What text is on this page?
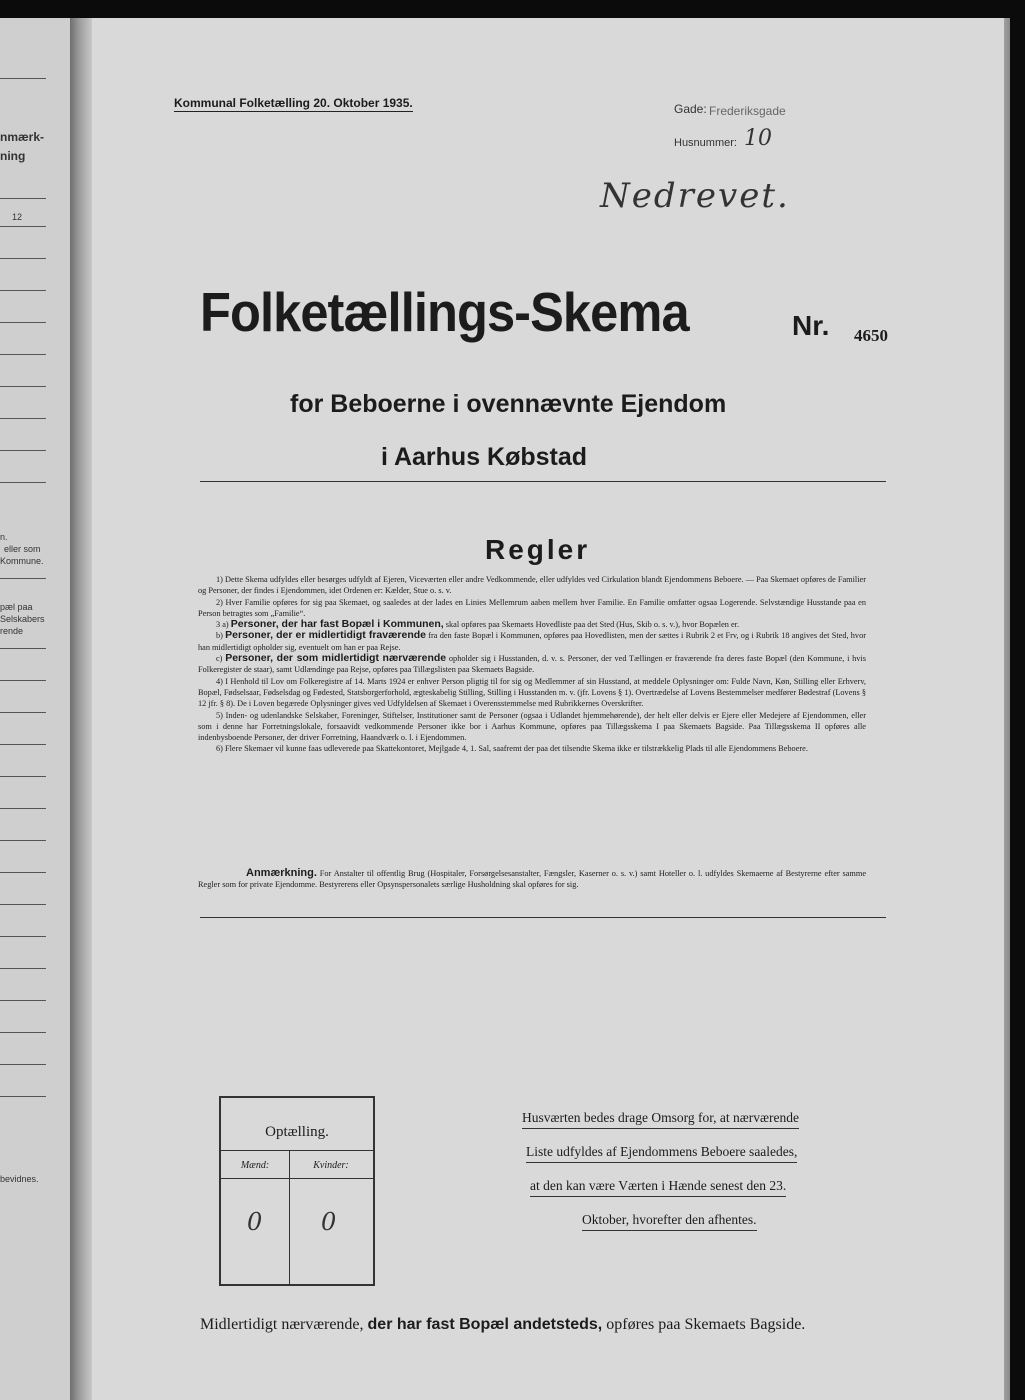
nmærk-
ning
12
n.
eller som
Kommune.
pæl paa
Selskabers
rende
bevidnes.
Kommunal Folketælling 20. Oktober 1935.	Gade: Frederiksgade
Husnummer: 10
Nedrevet.
Folketællings-Skema	Nr. 4650
for Beboerne i ovennævnte Ejendom
i Aarhus Købstad
Regler

1) Dette Skema udfyldes eller besørges udfyldt af Ejeren, Viceværten eller andre Vedkommende, eller udfyldes ved Cirkulation blandt Ejendommens Beboere. — Paa Skemaet opføres de Familier og Personer, der findes i Ejendommen, idet Ordenen er: Kælder, Stue o. s. v.

2) Hver Familie opføres for sig paa Skemaet, og saaledes at der lades en Linies Mellemrum aaben mellem hver Familie. En Familie omfatter ogsaa Logerende. Selvstændige Husstande paa en Person betragtes som „Familie“.

3 a) Personer, der har fast Bopæl i Kommunen, skal opføres paa Skemaets Hovedliste paa det Sted (Hus, Skib o. s. v.), hvor Bopælen er.

b) Personer, der er midlertidigt fraværende fra den faste Bopæl i Kommunen, opføres paa Hovedlisten, men der sættes i Rubrik 2 et Frv, og i Rubrik 18 angives det Sted, hvor han midlertidigt opholder sig, eventuelt om han er paa Rejse.

c) Personer, der som midlertidigt nærværende opholder sig i Husstanden, d. v. s. Personer, der ved Tællingen er fraværende fra deres faste Bopæl (den Kommune, i hvis Folkeregister de staar), samt Udlændinge paa Rejse, opføres paa Tillægslisten paa Skemaets Bagside.

4) I Henhold til Lov om Folkeregistre af 14. Marts 1924 er enhver Person pligtig til for sig og Medlemmer af sin Husstand, at meddele Oplysninger om: Fulde Navn, Køn, Stilling eller Erhverv, Bopæl, Fødselsaar, Fødselsdag og Fødested, Statsborgerforhold, ægteskabelig Stilling, Stilling i Husstanden m. v. (jfr. Lovens § 1). Overtrædelse af Lovens Bestemmelser medfører Bødestraf (Lovens § 12 jfr. § 8). De i Loven begærede Oplysninger gives ved Udfyldelsen af Skemaet i Overensstemmelse med Rubrikkernes Overskrifter.

5) Inden- og udenlandske Selskaber, Foreninger, Stiftelser, Institutioner samt de Personer (ogsaa i Udlandet hjemmehørende), der helt eller delvis er Ejere eller Medejere af Ejendommen, eller som i denne har Forretningslokale, forsaavidt vedkommende Personer ikke bor i Aarhus Kommune, opføres paa Tillægsskema I paa Skemaets Bagside. Paa Tillægsskema II opføres alle indenbysboende Personer, der driver Forretning, Haandværk o. l. i Ejendommen.

6) Flere Skemaer vil kunne faas udleverede paa Skattekontoret, Mejlgade 4, 1. Sal, saafremt der paa det tilsendte Skema ikke er tilstrækkelig Plads til alle Ejendommens Beboere.

Anmærkning. For Anstalter til offentlig Brug (Hospitaler, Forsørgelsesanstalter, Fængsler, Kaserner o. s. v.) samt Hoteller o. l. udfyldes Skemaerne af Bestyrerne efter samme Regler som for private Ejendomme. Bestyrerens eller Opsynspersonalets særlige Husholdning skal opføres for sig.
Optælling.
Mænd:	Kvinder:
0 0
Husværten bedes drage Omsorg for, at nærværende
Liste udfyldes af Ejendommens Beboere saaledes,
at den kan være Værten i Hænde senest den 23.
Oktober, hvorefter den afhentes.
Midlertidigt nærværende, der har fast Bopæl andetsteds, opføres paa Skemaets Bagside.
